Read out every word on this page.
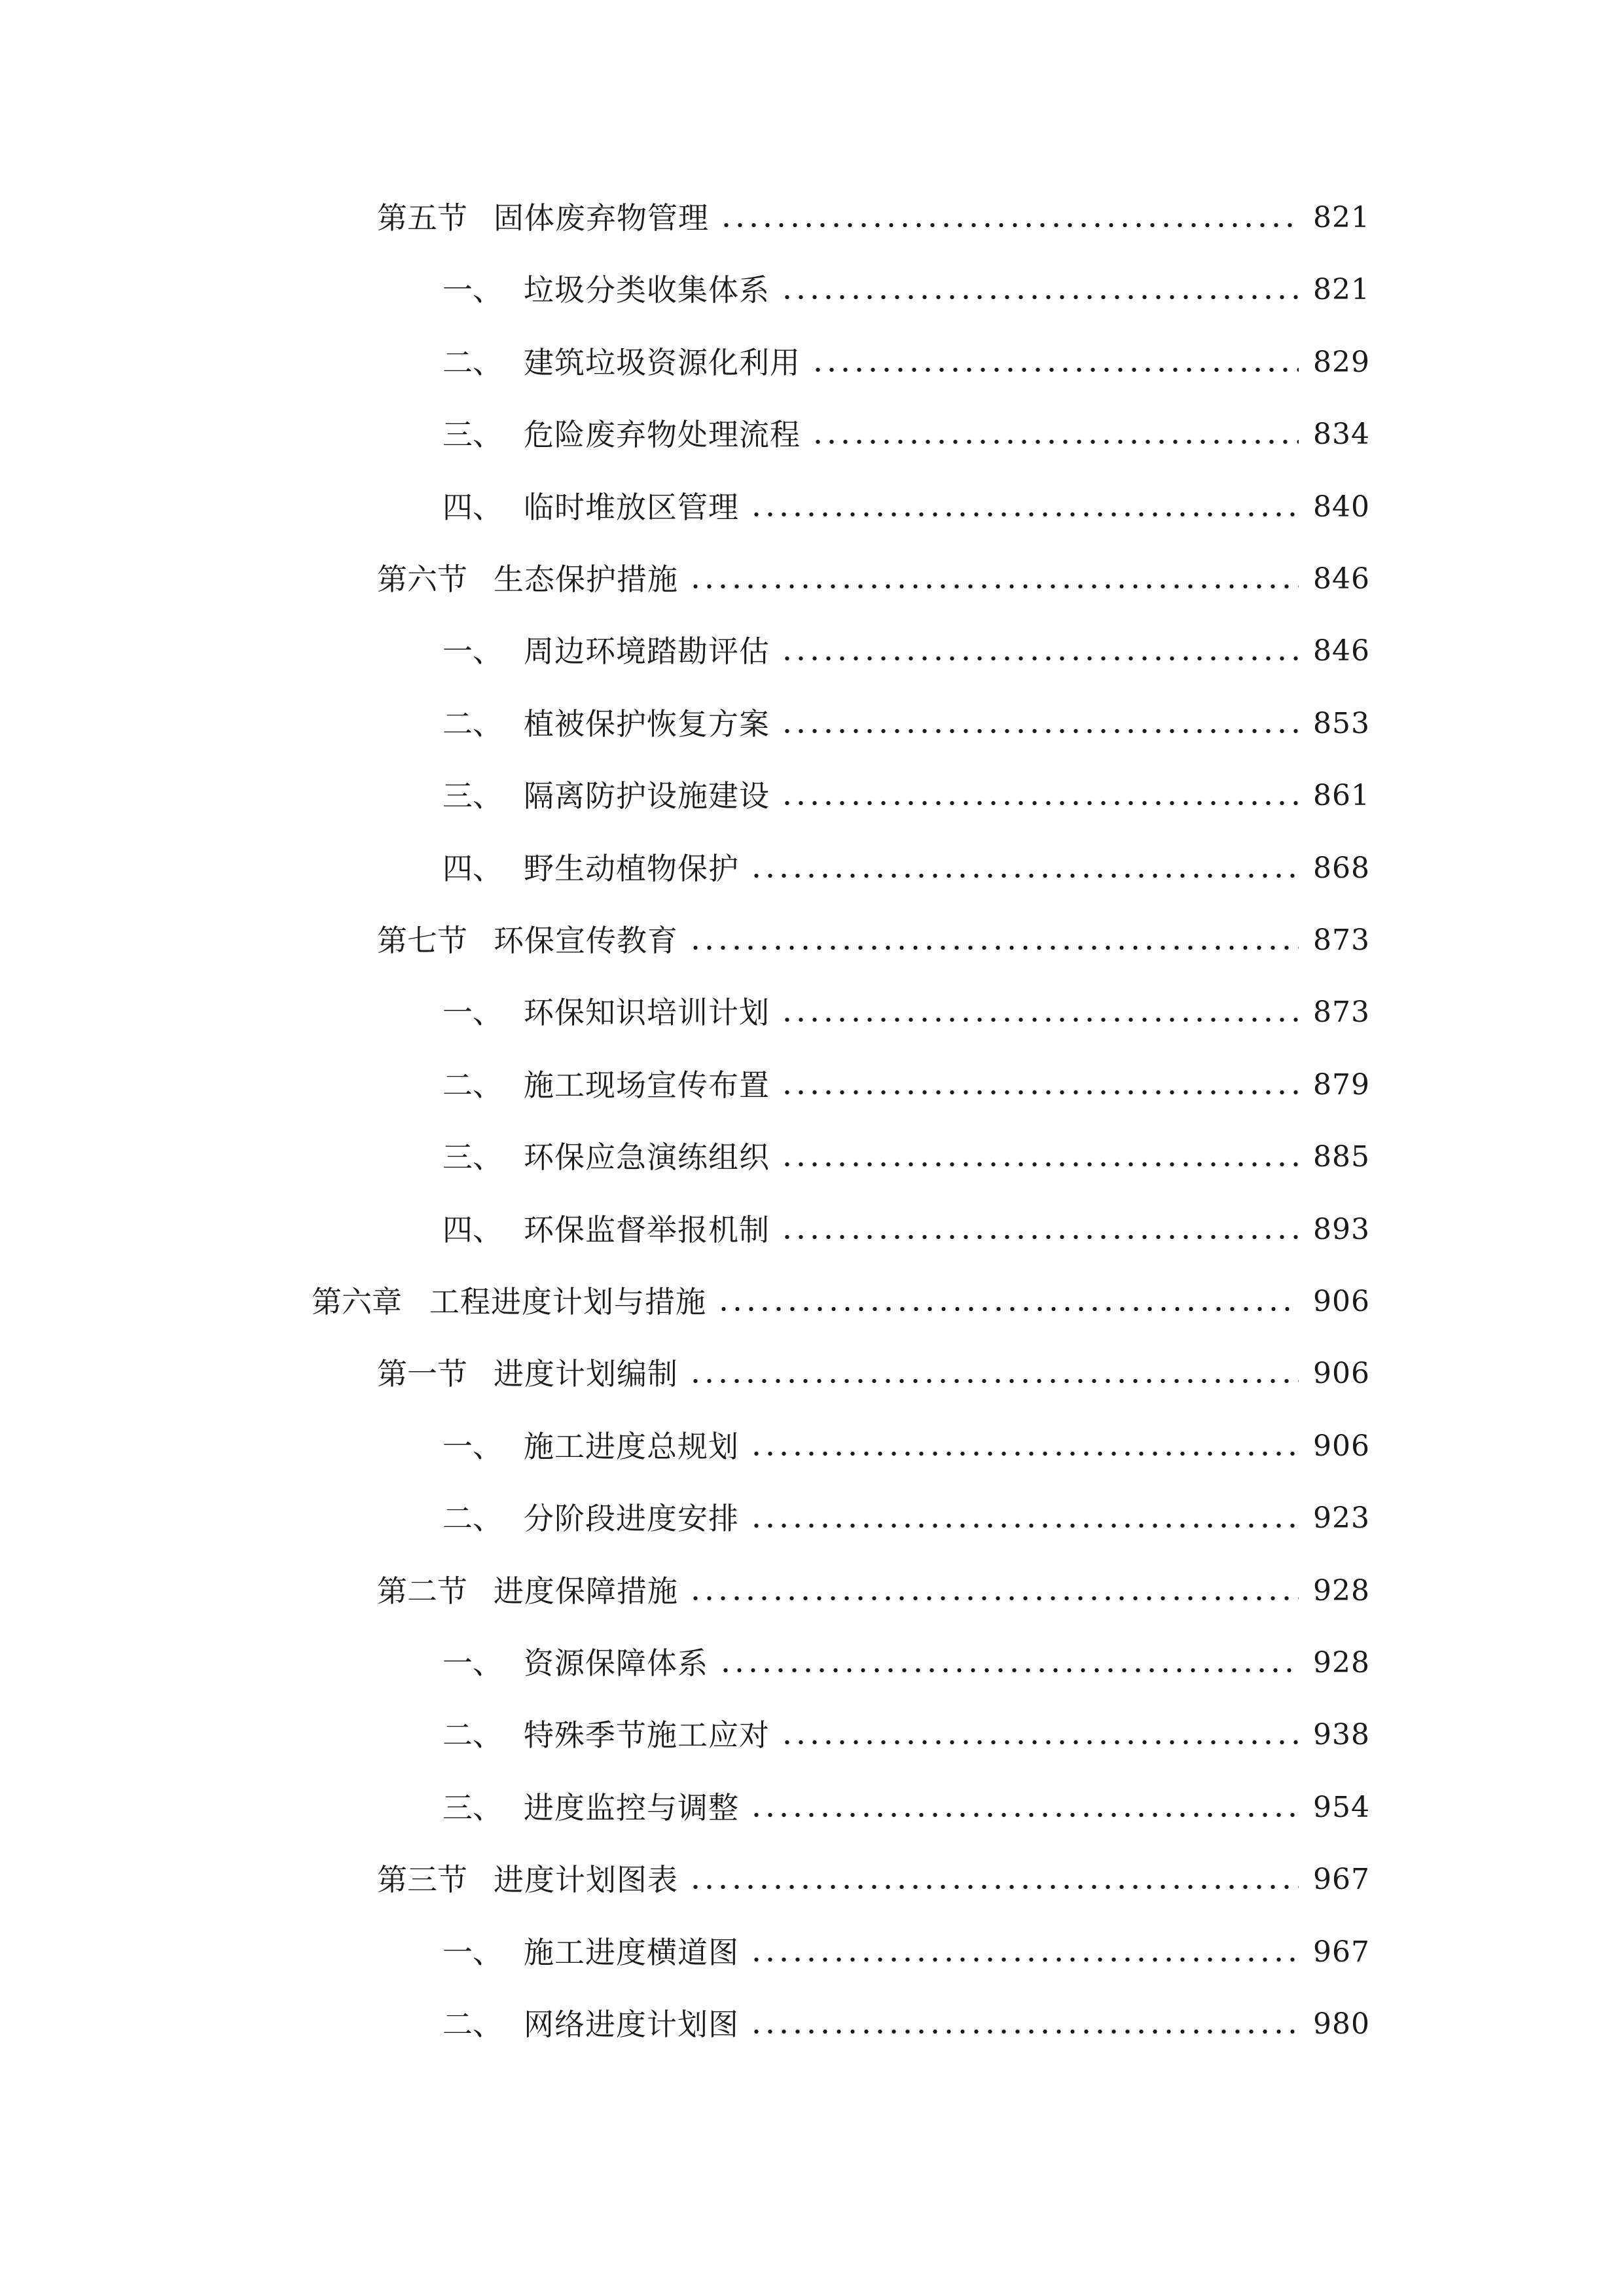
第五节 固体废弃物管理	821
一、 垃圾分类收集体系	821
二、 建筑垃圾资源化利用	829
三、 危险废弃物处理流程	834
四、 临时堆放区管理	840
第六节 生态保护措施	846
一、 周边环境踏勘评估	846
二、 植被保护恢复方案	853
三、 隔离防护设施建设	861
四、 野生动植物保护	868
第七节 环保宣传教育	873
一、 环保知识培训计划	873
二、 施工现场宣传布置	879
三、 环保应急演练组织	885
四、 环保监督举报机制	893
第六章 工程进度计划与措施	906
第一节 进度计划编制	906
一、 施工进度总规划	906
二、 分阶段进度安排	923
第二节 进度保障措施	928
一、 资源保障体系	928
二、 特殊季节施工应对	938
三、 进度监控与调整	954
第三节 进度计划图表	967
一、 施工进度横道图	967
二、 网络进度计划图	980
